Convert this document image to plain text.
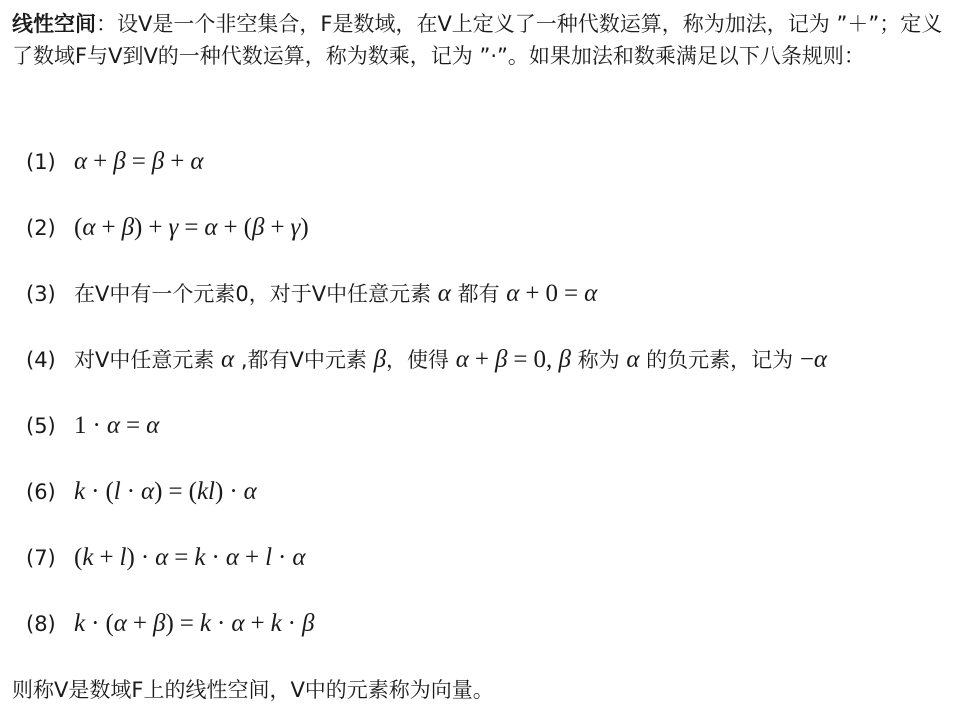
线性空间：设V是一个非空集合，F是数域，在V上定义了一种代数运算，称为加法，记为 ”＋”；定义了数域F与V到V的一种代数运算，称为数乘，记为 ”·”。如果加法和数乘满足以下八条规则：
(1) α + β = β + α
(2) (α + β) + γ = α + (β + γ)
(3) 在V中有一个元素0，对于V中任意元素 α 都有 α + 0 = α
(4) 对V中任意元素 α ,都有V中元素 β，使得 α + β = 0, β 称为 α 的负元素，记为 −α
(5) 1 · α = α
(6) k · (l · α) = (kl) · α
(7) (k + l) · α = k · α + l · α
(8) k · (α + β) = k · α + k · β
则称V是数域F上的线性空间，V中的元素称为向量。
